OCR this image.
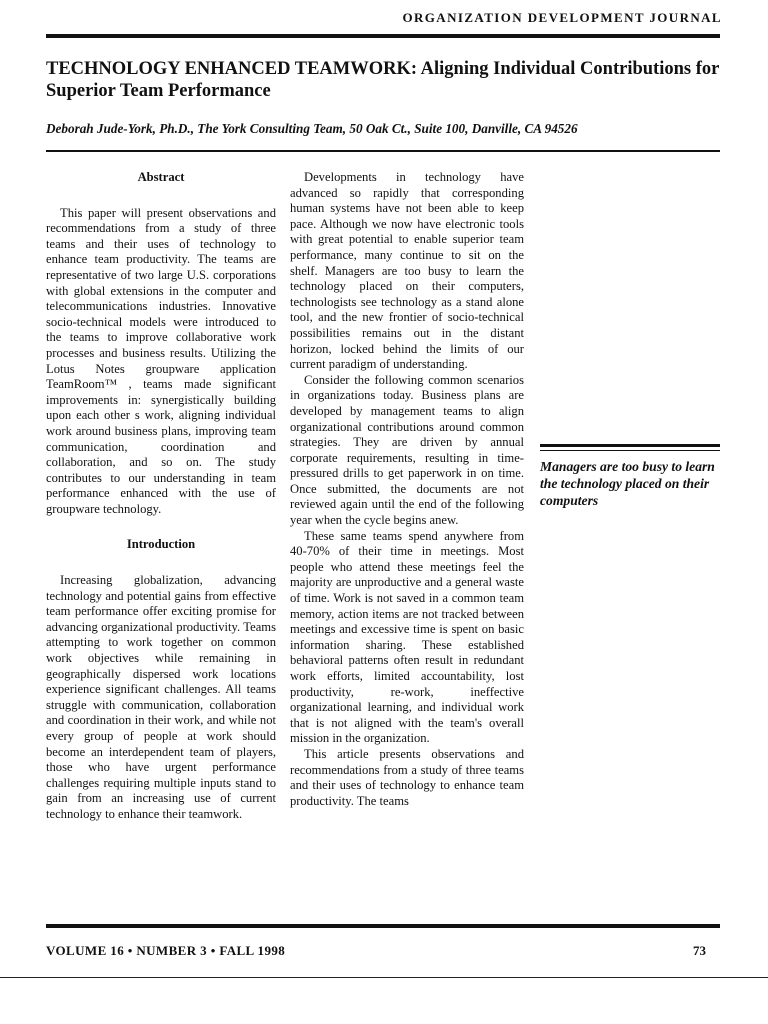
ORGANIZATION DEVELOPMENT JOURNAL
TECHNOLOGY ENHANCED TEAMWORK: Aligning Individual Contributions for Superior Team Performance
Deborah Jude-York, Ph.D., The York Consulting Team, 50 Oak Ct., Suite 100, Danville, CA 94526
Abstract

This paper will present observations and recommendations from a study of three teams and their uses of technology to enhance team productivity. The teams are representative of two large U.S. corporations with global extensions in the computer and telecommunications industries. Innovative socio-technical models were introduced to the teams to improve collaborative work processes and business results. Utilizing the Lotus Notes groupware application TeamRoom™ , teams made significant improvements in: synergistically building upon each other s work, aligning individual work around business plans, improving team communication, coordination and collaboration, and so on. The study contributes to our understanding in team performance enhanced with the use of groupware technology.

Introduction

Increasing globalization, advancing technology and potential gains from effective team performance offer exciting promise for advancing organizational productivity. Teams attempting to work together on common work objectives while remaining in geographically dispersed work locations experience significant challenges. All teams struggle with communication, collaboration and coordination in their work, and while not every group of people at work should become an interdependent team of players, those who have urgent performance challenges requiring multiple inputs stand to gain from an increasing use of current technology to enhance their teamwork.

Developments in technology have advanced so rapidly that corresponding human systems have not been able to keep pace. Although we now have electronic tools with great potential to enable superior team performance, many continue to sit on the shelf. Managers are too busy to learn the technology placed on their computers, technologists see technology as a stand alone tool, and the new frontier of socio-technical possibilities remains out in the distant horizon, locked behind the limits of our current paradigm of understanding.

Consider the following common scenarios in organizations today. Business plans are developed by management teams to align organizational contributions around common strategies. They are driven by annual corporate requirements, resulting in time-pressured drills to get paperwork in on time. Once submitted, the documents are not reviewed again until the end of the following year when the cycle begins anew.

These same teams spend anywhere from 40-70% of their time in meetings. Most people who attend these meetings feel the majority are unproductive and a general waste of time. Work is not saved in a common team memory, action items are not tracked between meetings and excessive time is spent on basic information sharing. These established behavioral patterns often result in redundant work efforts, limited accountability, lost productivity, re-work, ineffective organizational learning, and individual work that is not aligned with the team's overall mission in the organization.

This article presents observations and recommendations from a study of three teams and their uses of technology to enhance team productivity. The teams

Managers are too busy to learn the technology placed on their computers
VOLUME 16 • NUMBER 3 • FALL 1998	73
